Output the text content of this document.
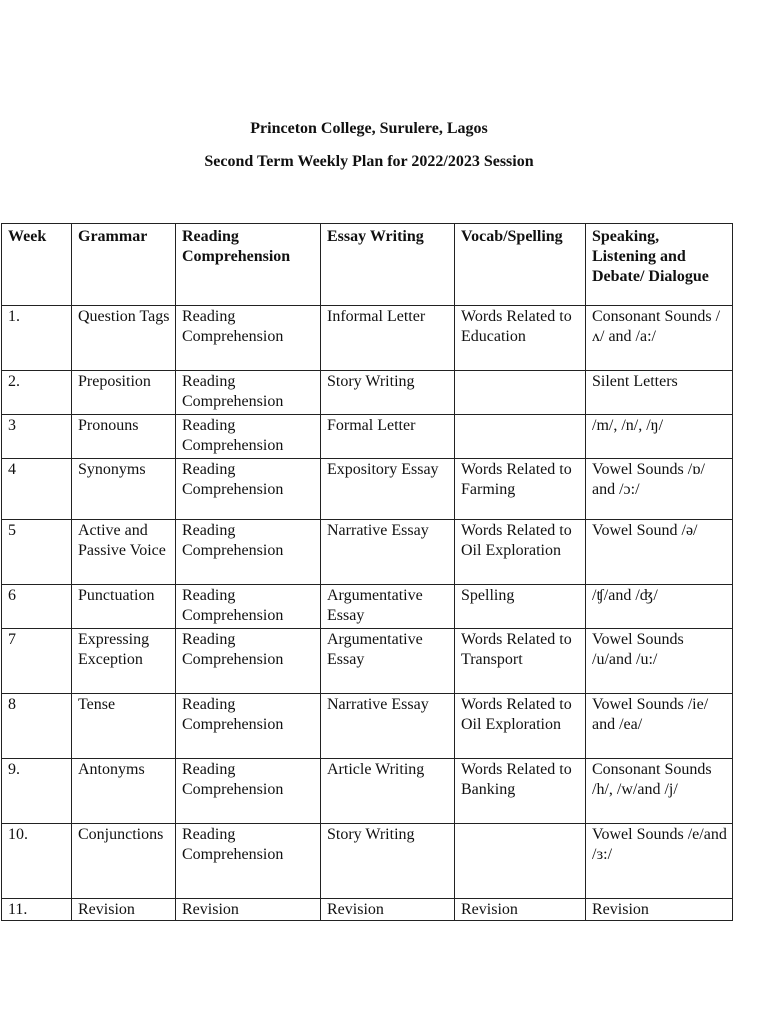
Princeton College, Surulere, Lagos
Second Term Weekly Plan for 2022/2023 Session
Week	Grammar	Reading Comprehension	Essay Writing	Vocab/Spelling	Speaking, Listening and Debate/ Dialogue
1.	Question Tags	Reading Comprehension	Informal Letter	Words Related to Education	Consonant Sounds /ʌ/ and /a:/
2.	Preposition	Reading Comprehension	Story Writing		Silent Letters
3	Pronouns	Reading Comprehension	Formal Letter		/m/, /n/, /ŋ/
4	Synonyms	Reading Comprehension	Expository Essay	Words Related to Farming	Vowel Sounds /ɒ/ and /ɔ:/
5	Active and Passive Voice	Reading Comprehension	Narrative Essay	Words Related to Oil Exploration	Vowel Sound /ə/
6	Punctuation	Reading Comprehension	Argumentative Essay	Spelling	/ʧ/and /ʤ/
7	Expressing Exception	Reading Comprehension	Argumentative Essay	Words Related to Transport	Vowel Sounds /u/and /u:/
8	Tense	Reading Comprehension	Narrative Essay	Words Related to Oil Exploration	Vowel Sounds /ie/ and /ea/
9.	Antonyms	Reading Comprehension	Article Writing	Words Related to Banking	Consonant Sounds /h/, /w/and /j/
10.	Conjunctions	Reading Comprehension	Story Writing		Vowel Sounds /e/and /ɜ:/
11.	Revision	Revision	Revision	Revision	Revision
